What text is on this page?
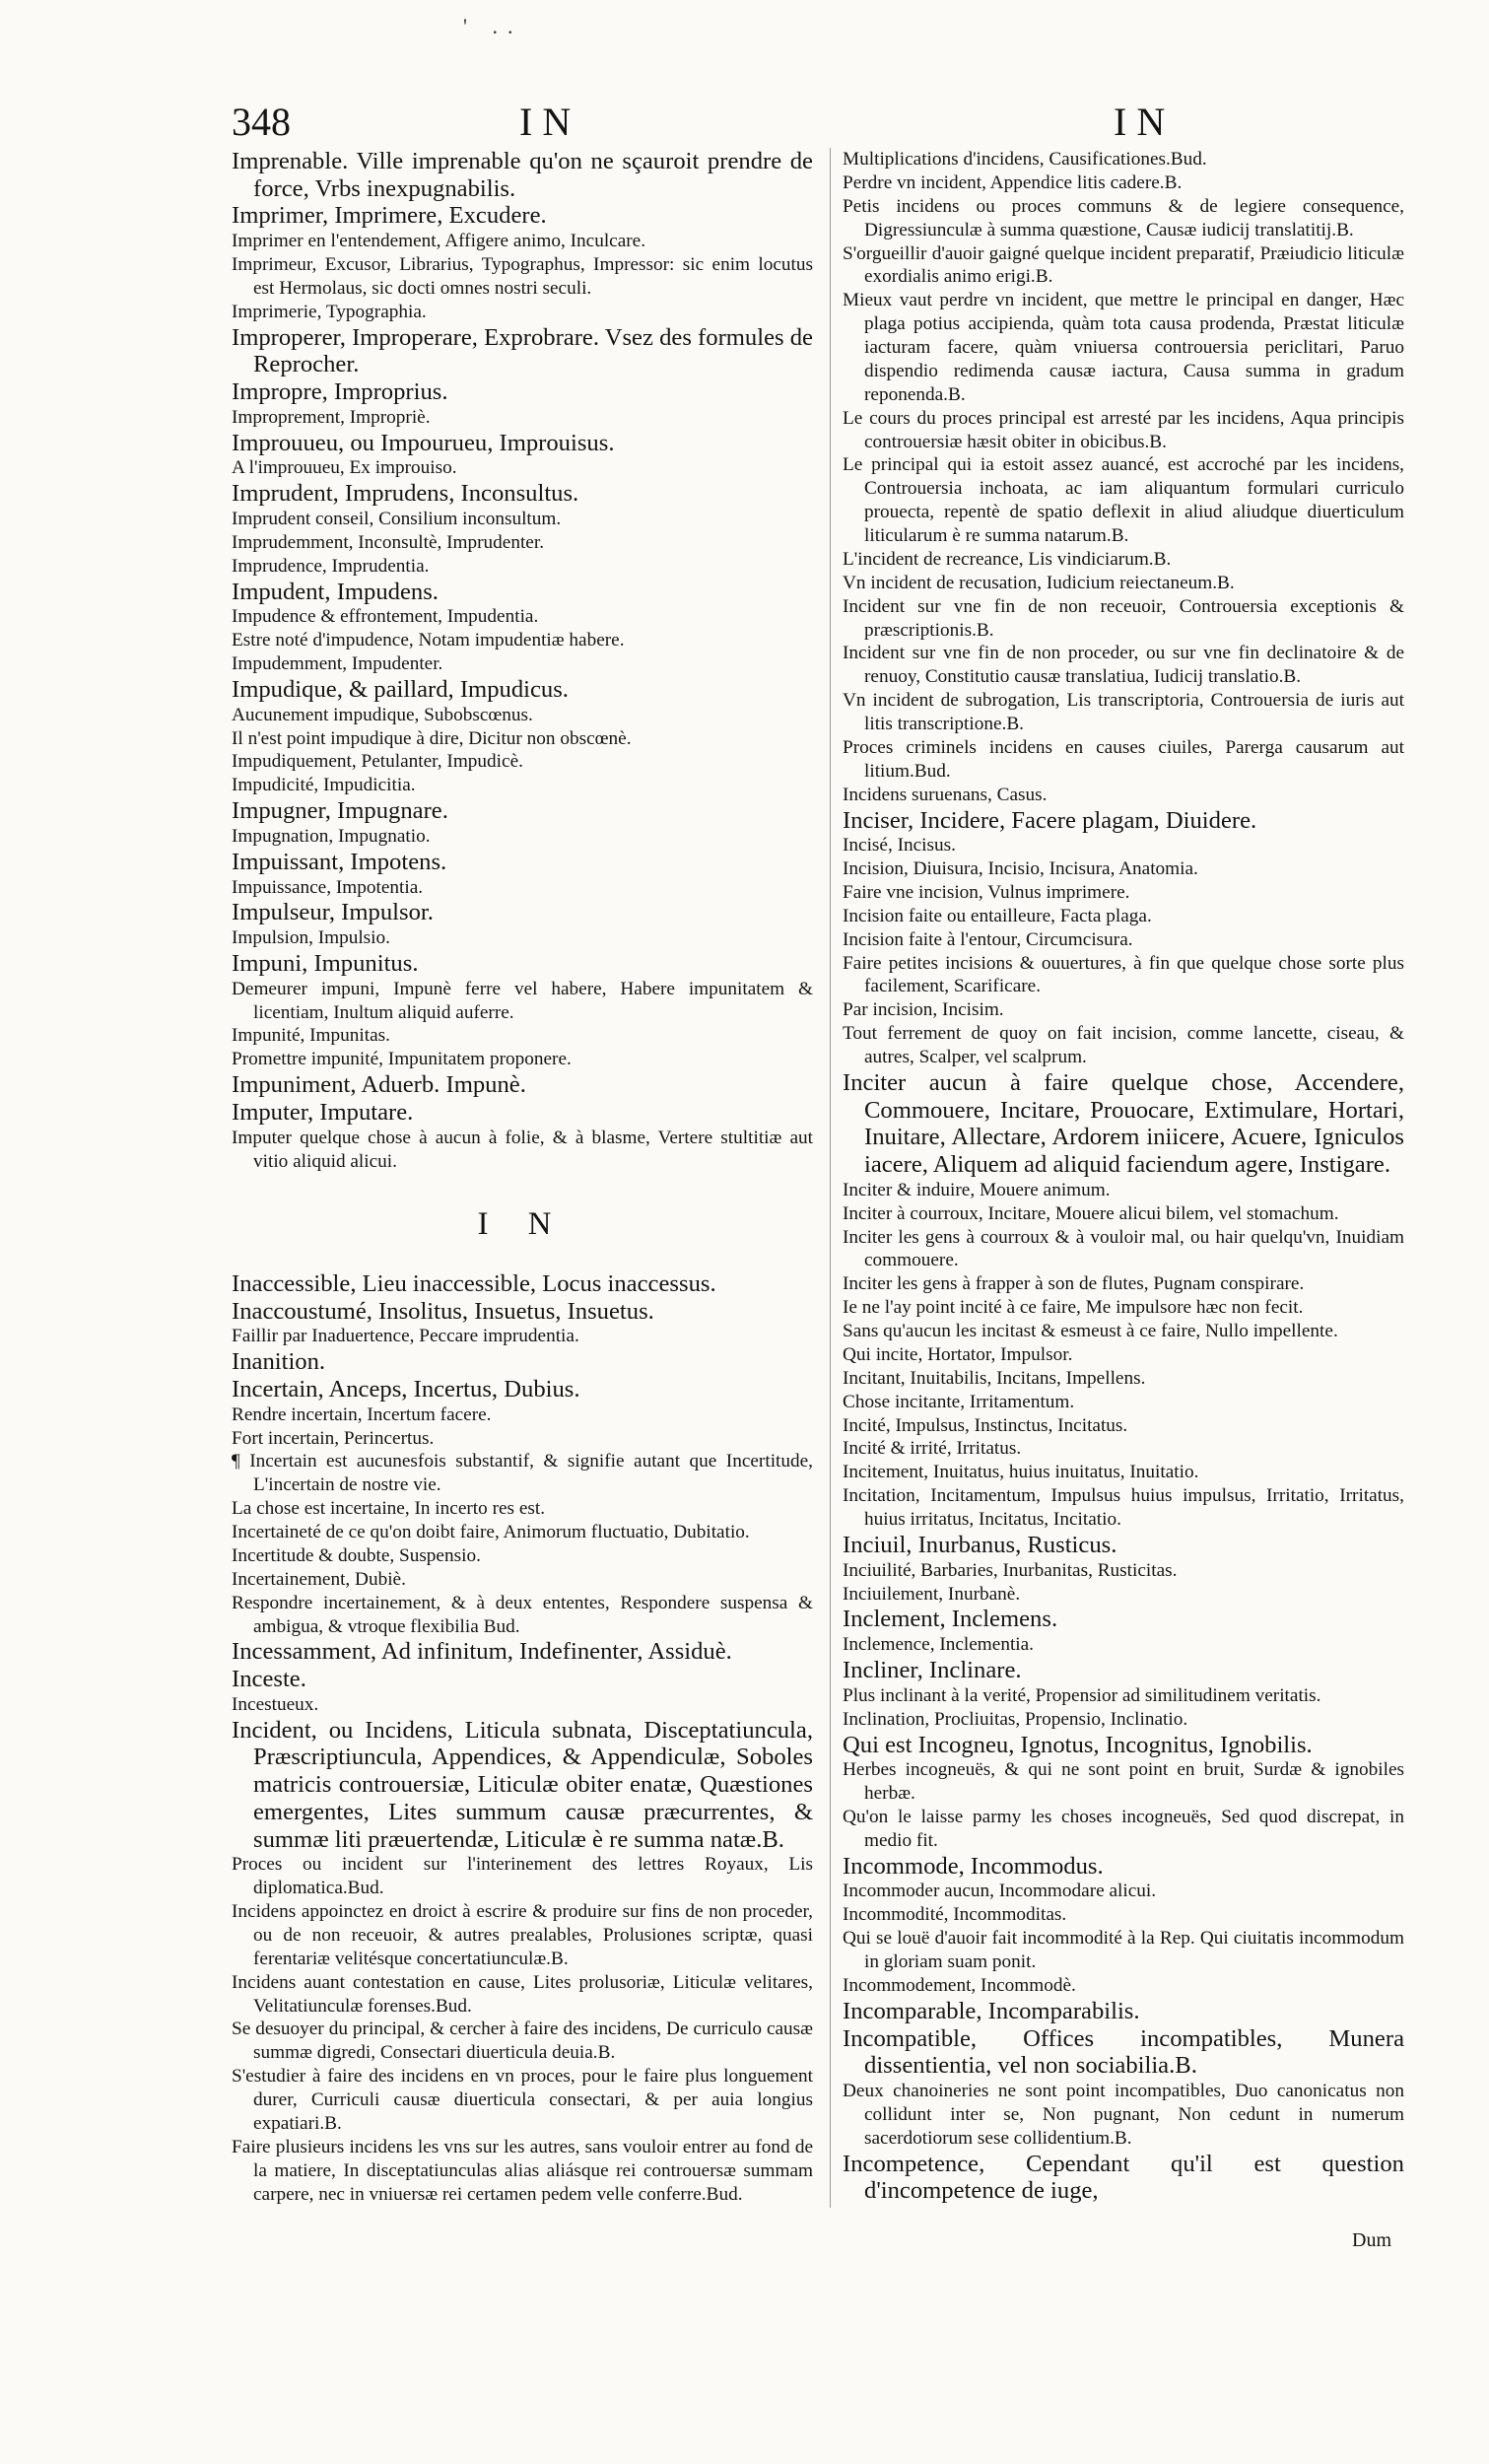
' ..
348	IN	IN

Imprenable. Ville imprenable qu'on ne sçauroit prendre de force, Vrbs inexpugnabilis.

Imprimer, Imprimere, Excudere.

Imprimer en l'entendement, Affigere animo, Inculcare.

Imprimeur, Excusor, Librarius, Typographus, Impressor: sic enim locutus est Hermolaus, sic docti omnes nostri seculi.

Imprimerie, Typographia.

Improperer, Improperare, Exprobrare. Vsez des formules de Reprocher.

Impropre, Improprius.

Improprement, Impropriè.

Improuueu, ou Impourueu, Improuisus.

A l'improuueu, Ex improuiso.

Imprudent, Imprudens, Inconsultus.

Imprudent conseil, Consilium inconsultum.

Imprudemment, Inconsultè, Imprudenter.

Imprudence, Imprudentia.

Impudent, Impudens.

Impudence & effrontement, Impudentia.

Estre noté d'impudence, Notam impudentiæ habere.

Impudemment, Impudenter.

Impudique, & paillard, Impudicus.

Aucunement impudique, Subobscœnus.

Il n'est point impudique à dire, Dicitur non obscœnè.

Impudiquement, Petulanter, Impudicè.

Impudicité, Impudicitia.

Impugner, Impugnare.

Impugnation, Impugnatio.

Impuissant, Impotens.

Impuissance, Impotentia.

Impulseur, Impulsor.

Impulsion, Impulsio.

Impuni, Impunitus.

Demeurer impuni, Impunè ferre vel habere, Habere impunitatem & licentiam, Inultum aliquid auferre.

Impunité, Impunitas.

Promettre impunité, Impunitatem proponere.

Impuniment, Aduerb. Impunè.

Imputer, Imputare.

Imputer quelque chose à aucun à folie, & à blasme, Vertere stultitiæ aut vitio aliquid alicui.

I N

Inaccessible, Lieu inaccessible, Locus inaccessus.

Inaccoustumé, Insolitus, Insuetus, Insuetus.

Faillir par Inaduertence, Peccare imprudentia.

Inanition.

Incertain, Anceps, Incertus, Dubius.

Rendre incertain, Incertum facere.

Fort incertain, Perincertus.

¶ Incertain est aucunesfois substantif, & signifie autant que Incertitude, L'incertain de nostre vie.

La chose est incertaine, In incerto res est.

Incertaineté de ce qu'on doibt faire, Animorum fluctuatio, Dubitatio.

Incertitude & doubte, Suspensio.

Incertainement, Dubiè.

Respondre incertainement, & à deux ententes, Respondere suspensa & ambigua, & vtroque flexibilia Bud.

Incessamment, Ad infinitum, Indefinenter, Assiduè.

Inceste.

Incestueux.

Incident, ou Incidens, Liticula subnata, Disceptatiuncula, Præscriptiuncula, Appendices, & Appendiculæ, Soboles matricis controuersiæ, Liticulæ obiter enatæ, Quæstiones emergentes, Lites summum causæ præcurrentes, & summæ liti præuertendæ, Liticulæ è re summa natæ.B.

Proces ou incident sur l'interinement des lettres Royaux, Lis diplomatica.Bud.

Incidens appoinctez en droict à escrire & produire sur fins de non proceder, ou de non receuoir, & autres prealables, Prolusiones scriptæ, quasi ferentariæ velitésque concertatiunculæ.B.

Incidens auant contestation en cause, Lites prolusoriæ, Liticulæ velitares, Velitatiunculæ forenses.Bud.

Se desuoyer du principal, & cercher à faire des incidens, De curriculo causæ summæ digredi, Consectari diuerticula deuia.B.

S'estudier à faire des incidens en vn proces, pour le faire plus longuement durer, Curriculi causæ diuerticula consectari, & per auia longius expatiari.B.

Faire plusieurs incidens les vns sur les autres, sans vouloir entrer au fond de la matiere, In disceptatiunculas alias aliásque rei controuersæ summam carpere, nec in vniuersæ rei certamen pedem velle conferre.Bud.

Multiplications d'incidens, Causificationes.Bud.

Perdre vn incident, Appendice litis cadere.B.

Petis incidens ou proces communs & de legiere consequence, Digressiunculæ à summa quæstione, Causæ iudicij translatitij.B.

S'orgueillir d'auoir gaigné quelque incident preparatif, Præiudicio liticulæ exordialis animo erigi.B.

Mieux vaut perdre vn incident, que mettre le principal en danger, Hæc plaga potius accipienda, quàm tota causa prodenda, Præstat liticulæ iacturam facere, quàm vniuersa controuersia periclitari, Paruo dispendio redimenda causæ iactura, Causa summa in gradum reponenda.B.

Le cours du proces principal est arresté par les incidens, Aqua principis controuersiæ hæsit obiter in obicibus.B.

Le principal qui ia estoit assez auancé, est accroché par les incidens, Controuersia inchoata, ac iam aliquantum formulari curriculo prouecta, repentè de spatio deflexit in aliud aliudque diuerticulum liticularum è re summa natarum.B.

L'incident de recreance, Lis vindiciarum.B.

Vn incident de recusation, Iudicium reiectaneum.B.

Incident sur vne fin de non receuoir, Controuersia exceptionis & præscriptionis.B.

Incident sur vne fin de non proceder, ou sur vne fin declinatoire & de renuoy, Constitutio causæ translatiua, Iudicij translatio.B.

Vn incident de subrogation, Lis transcriptoria, Controuersia de iuris aut litis transcriptione.B.

Proces criminels incidens en causes ciuiles, Parerga causarum aut litium.Bud.

Incidens suruenans, Casus.

Inciser, Incidere, Facere plagam, Diuidere.

Incisé, Incisus.

Incision, Diuisura, Incisio, Incisura, Anatomia.

Faire vne incision, Vulnus imprimere.

Incision faite ou entailleure, Facta plaga.

Incision faite à l'entour, Circumcisura.

Faire petites incisions & ouuertures, à fin que quelque chose sorte plus facilement, Scarificare.

Par incision, Incisim.

Tout ferrement de quoy on fait incision, comme lancette, ciseau, & autres, Scalper, vel scalprum.

Inciter aucun à faire quelque chose, Accendere, Commouere, Incitare, Prouocare, Extimulare, Hortari, Inuitare, Allectare, Ardorem iniicere, Acuere, Igniculos iacere, Aliquem ad aliquid faciendum agere, Instigare.

Inciter & induire, Mouere animum.

Inciter à courroux, Incitare, Mouere alicui bilem, vel stomachum.

Inciter les gens à courroux & à vouloir mal, ou hair quelqu'vn, Inuidiam commouere.

Inciter les gens à frapper à son de flutes, Pugnam conspirare.

Ie ne l'ay point incité à ce faire, Me impulsore hæc non fecit.

Sans qu'aucun les incitast & esmeust à ce faire, Nullo impellente.

Qui incite, Hortator, Impulsor.

Incitant, Inuitabilis, Incitans, Impellens.

Chose incitante, Irritamentum.

Incité, Impulsus, Instinctus, Incitatus.

Incité & irrité, Irritatus.

Incitement, Inuitatus, huius inuitatus, Inuitatio.

Incitation, Incitamentum, Impulsus huius impulsus, Irritatio, Irritatus, huius irritatus, Incitatus, Incitatio.

Inciuil, Inurbanus, Rusticus.

Inciuilité, Barbaries, Inurbanitas, Rusticitas.

Inciuilement, Inurbanè.

Inclement, Inclemens.

Inclemence, Inclementia.

Incliner, Inclinare.

Plus inclinant à la verité, Propensior ad similitudinem veritatis.

Inclination, Procliuitas, Propensio, Inclinatio.

Qui est Incogneu, Ignotus, Incognitus, Ignobilis.

Herbes incogneuës, & qui ne sont point en bruit, Surdæ & ignobiles herbæ.

Qu'on le laisse parmy les choses incogneuës, Sed quod discrepat, in medio fit.

Incommode, Incommodus.

Incommoder aucun, Incommodare alicui.

Incommodité, Incommoditas.

Qui se louë d'auoir fait incommodité à la Rep. Qui ciuitatis incommodum in gloriam suam ponit.

Incommodement, Incommodè.

Incomparable, Incomparabilis.

Incompatible, Offices incompatibles, Munera dissentientia, vel non sociabilia.B.

Deux chanoineries ne sont point incompatibles, Duo canonicatus non collidunt inter se, Non pugnant, Non cedunt in numerum sacerdotiorum sese collidentium.B.

Incompetence, Cependant qu'il est question d'incompetence de iuge,

Dum
